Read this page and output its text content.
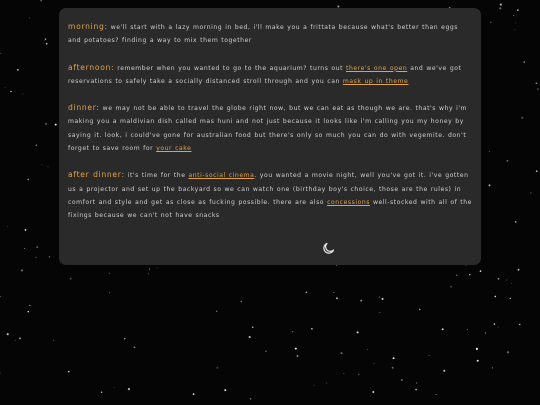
morning: we'll start with a lazy morning in bed, i'll make you a frittata because what's better than eggs and potatoes? finding a way to mix them together

afternoon: remember when you wanted to go to the aquarium? turns out there's one open and we've got reservations to safely take a socially distanced stroll through and you can mask up in theme

dinner: we may not be able to travel the globe right now, but we can eat as though we are. that's why i'm making you a maldivian dish called mas huni and not just because it looks like i'm calling you my honey by saying it. look, i could've gone for australian food but there's only so much you can do with vegemite. don't forget to save room for your cake

after dinner: it's time for the anti-social cinema. you wanted a movie night, well you've got it. i've gotten us a projector and set up the backyard so we can watch one (birthday boy's choice, those are the rules) in comfort and style and get as close as fucking possible. there are also concessions well-stocked with all of the fixings because we can't not have snacks
